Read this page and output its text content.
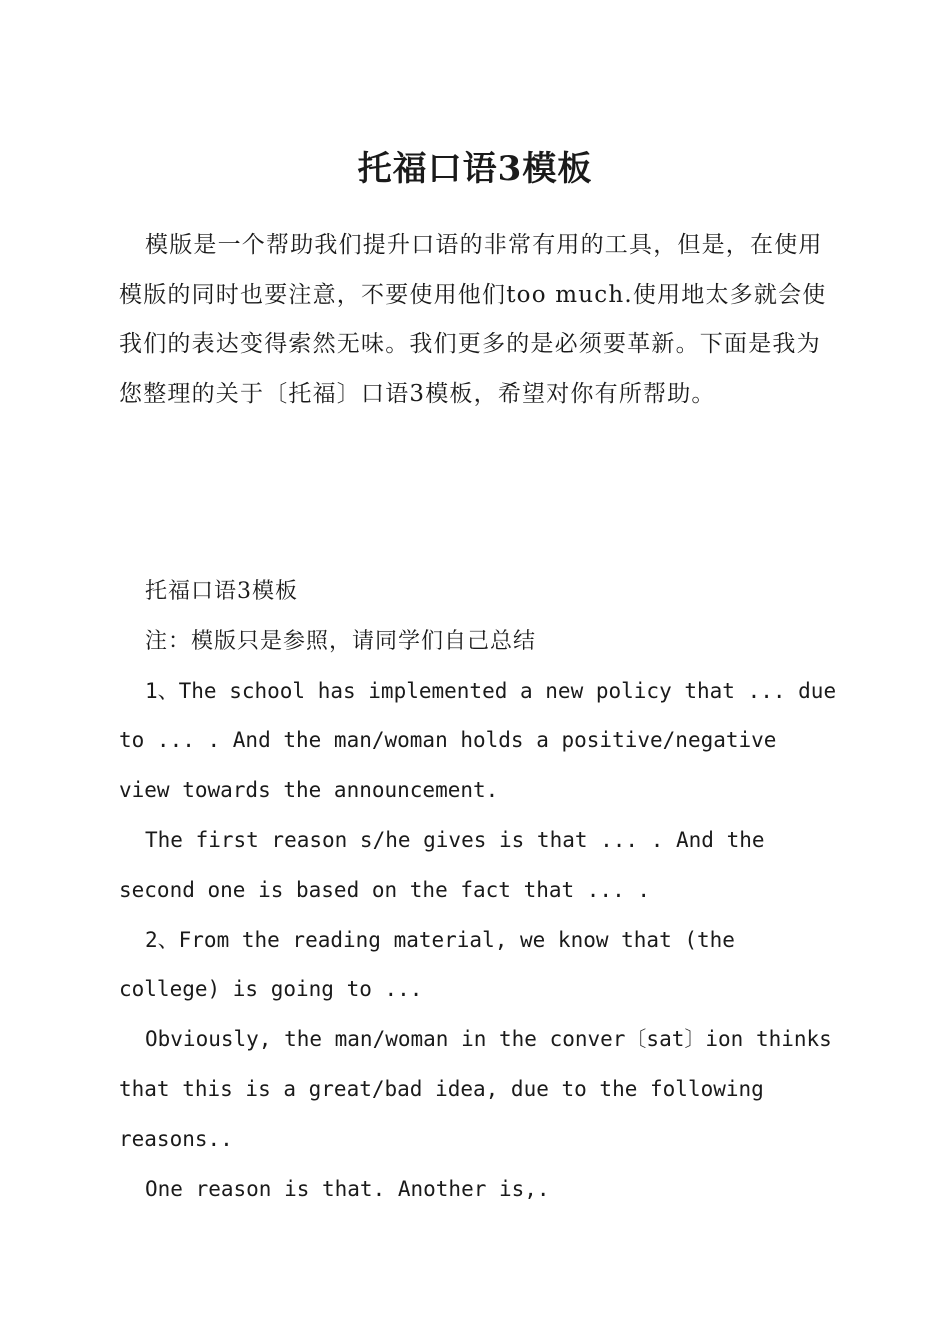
托福口语3模板

模版是一个帮助我们提升口语的非常有用的工具，但是，在使用模版的同时也要注意，不要使用他们too much.使用地太多就会使我们的表达变得索然无味。我们更多的是必须要革新。下面是我为您整理的关于〔托福〕口语3模板，希望对你有所帮助。

托福口语3模板

注：模版只是参照，请同学们自己总结

1、The school has implemented a new policy that ... due to ... . And the man/woman holds a positive/negative view towards the announcement.

The first reason s/he gives is that ... . And the second one is based on the fact that ... .

2、From the reading material, we know that (the college) is going to ...

Obviously, the man/woman in the conver〔sat〕ion thinks that this is a great/bad idea, due to the following reasons..

One reason is that. Another is,.
